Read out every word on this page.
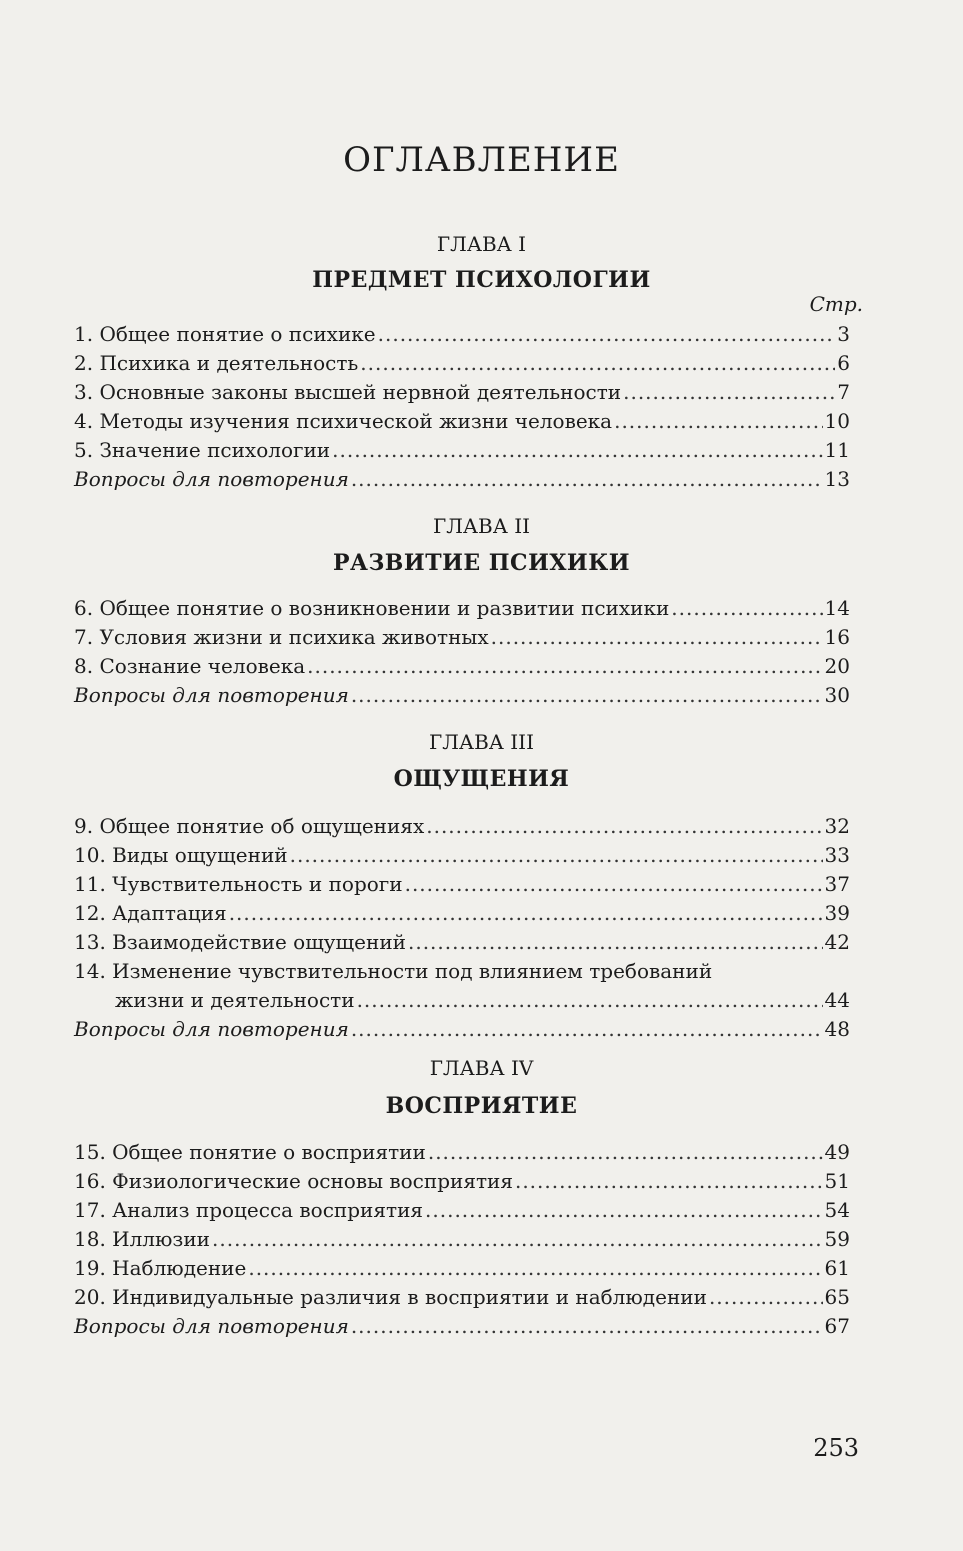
ОГЛАВЛЕНИЕ
ГЛАВА I
ПРЕДМЕТ ПСИХОЛОГИИ
Стр.
1. Общее понятие о психике .....	3
2. Психика и деятельность .....	6
3. Основные законы высшей нервной деятельности .....	7
4. Методы изучения психической жизни человека .....	10
5. Значение психологии .....	11
Вопросы для повторения .....	13
ГЛАВА II
РАЗВИТИЕ ПСИХИКИ
6. Общее понятие о возникновении и развитии психики .....	14
7. Условия жизни и психика животных .....	16
8. Сознание человека .....	20
Вопросы для повторения .....	30
ГЛАВА III
ОЩУЩЕНИЯ
9. Общее понятие об ощущениях .....	32
10. Виды ощущений .....	33
11. Чувствительность и пороги .....	37
12. Адаптация .....	39
13. Взаимодействие ощущений .....	42
14. Изменение чувствительности под влиянием требований
жизни и деятельности .....	44
Вопросы для повторения .....	48
ГЛАВА IV
ВОСПРИЯТИЕ
15. Общее понятие о восприятии .....	49
16. Физиологические основы восприятия .....	51
17. Анализ процесса восприятия .....	54
18. Иллюзии .....	59
19. Наблюдение .....	61
20. Индивидуальные различия в восприятии и наблюдении .....	65
Вопросы для повторения .....	67
253
